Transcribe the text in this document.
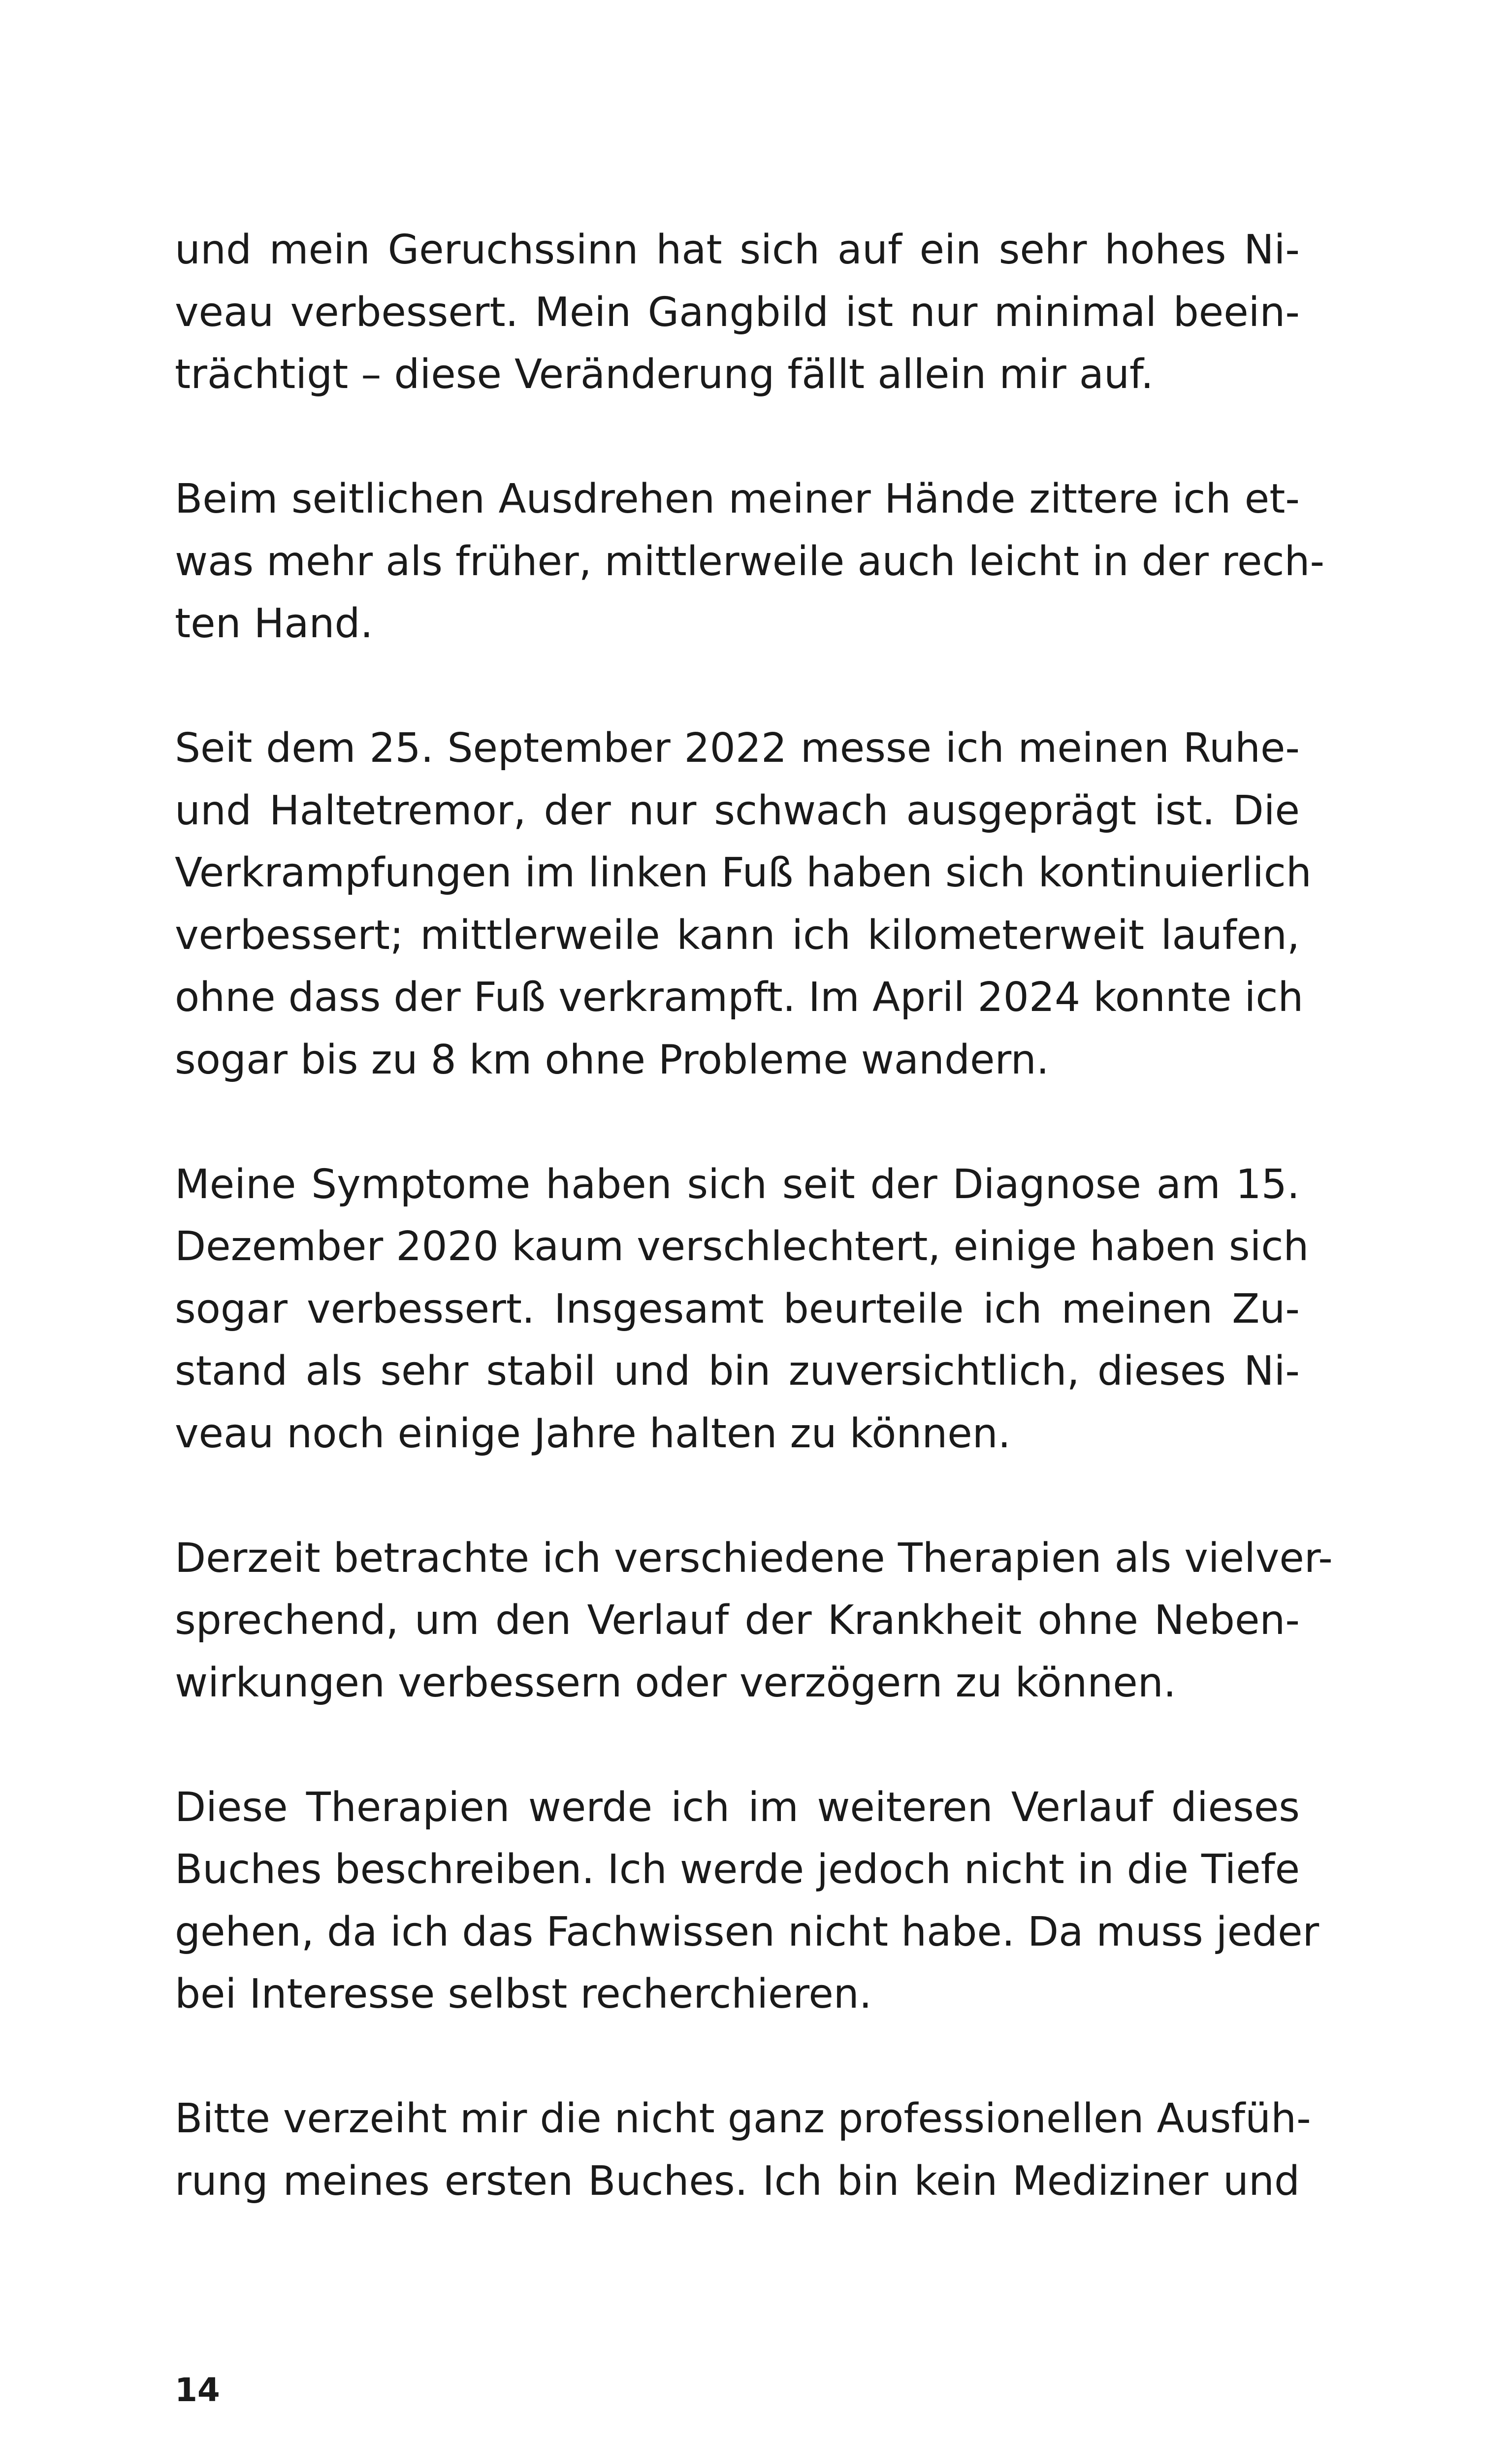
und mein Geruchssinn hat sich auf ein sehr hohes Ni-
veau verbessert. Mein Gangbild ist nur minimal beein-
trächtigt – diese Veränderung fällt allein mir auf.
Beim seitlichen Ausdrehen meiner Hände zittere ich et-
was mehr als früher, mittlerweile auch leicht in der rech-
ten Hand.
Seit dem 25. September 2022 messe ich meinen Ruhe-
und Haltetremor, der nur schwach ausgeprägt ist. Die
Verkrampfungen im linken Fuß haben sich kontinuierlich
verbessert; mittlerweile kann ich kilometerweit laufen,
ohne dass der Fuß verkrampft. Im April 2024 konnte ich
sogar bis zu 8 km ohne Probleme wandern.
Meine Symptome haben sich seit der Diagnose am 15.
Dezember 2020 kaum verschlechtert, einige haben sich
sogar verbessert. Insgesamt beurteile ich meinen Zu-
stand als sehr stabil und bin zuversichtlich, dieses Ni-
veau noch einige Jahre halten zu können.
Derzeit betrachte ich verschiedene Therapien als vielver-
sprechend, um den Verlauf der Krankheit ohne Neben-
wirkungen verbessern oder verzögern zu können.
Diese Therapien werde ich im weiteren Verlauf dieses
Buches beschreiben. Ich werde jedoch nicht in die Tiefe
gehen, da ich das Fachwissen nicht habe. Da muss jeder
bei Interesse selbst recherchieren.
Bitte verzeiht mir die nicht ganz professionellen Ausfüh-
rung meines ersten Buches. Ich bin kein Mediziner und
14
